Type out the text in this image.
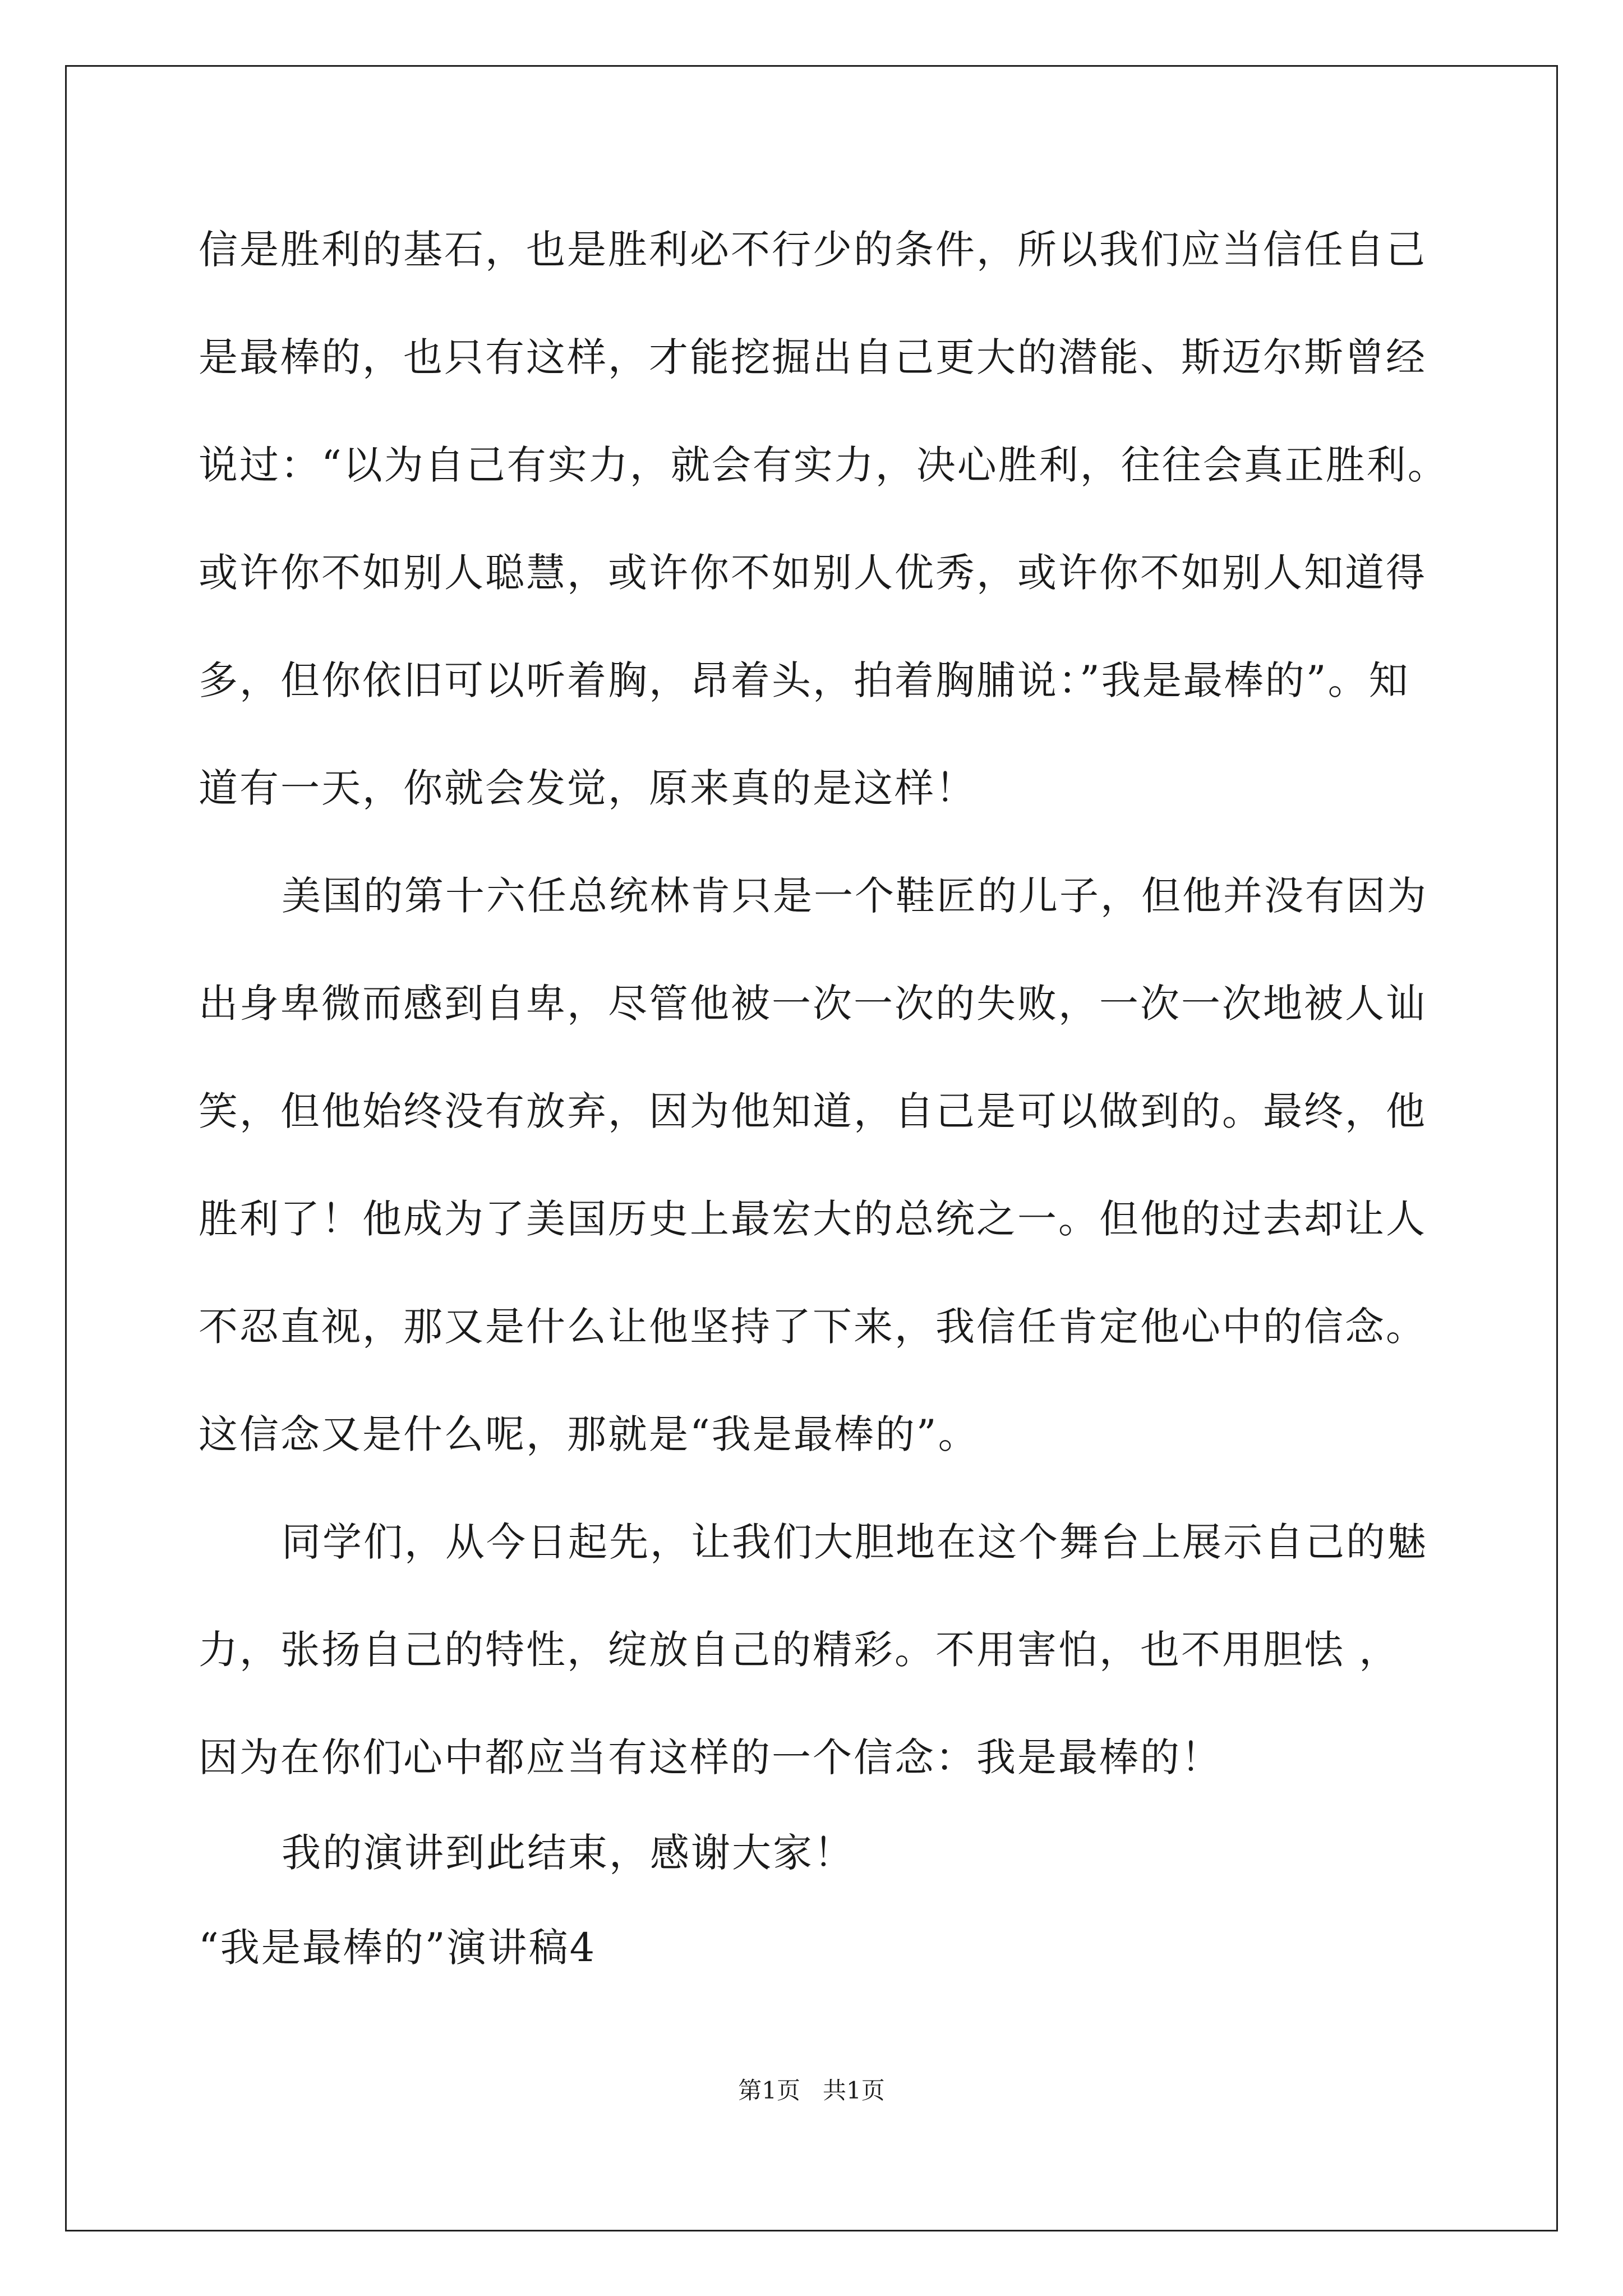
信是胜利的基石，也是胜利必不行少的条件，所以我们应当信任自己
是最棒的，也只有这样，才能挖掘出自己更大的潜能、斯迈尔斯曾经
说过：“以为自己有实力，就会有实力，决心胜利，往往会真正胜利。
或许你不如别人聪慧，或许你不如别人优秀，或许你不如别人知道得
多，但你依旧可以听着胸，昂着头，拍着胸脯说：”我是最棒的”。知
道有一天，你就会发觉，原来真的是这样！
美国的第十六任总统林肯只是一个鞋匠的儿子，但他并没有因为
出身卑微而感到自卑，尽管他被一次一次的失败，一次一次地被人讪
笑，但他始终没有放弃，因为他知道，自己是可以做到的。最终，他
胜利了！他成为了美国历史上最宏大的总统之一。但他的过去却让人
不忍直视，那又是什么让他坚持了下来，我信任肯定他心中的信念。
这信念又是什么呢，那就是“我是最棒的”。
同学们，从今日起先，让我们大胆地在这个舞台上展示自己的魅
力，张扬自己的特性，绽放自己的精彩。不用害怕，也不用胆怯 ，
因为在你们心中都应当有这样的一个信念：我是最棒的！
我的演讲到此结束，感谢大家！
“我是最棒的”演讲稿4
第1页   共1页
